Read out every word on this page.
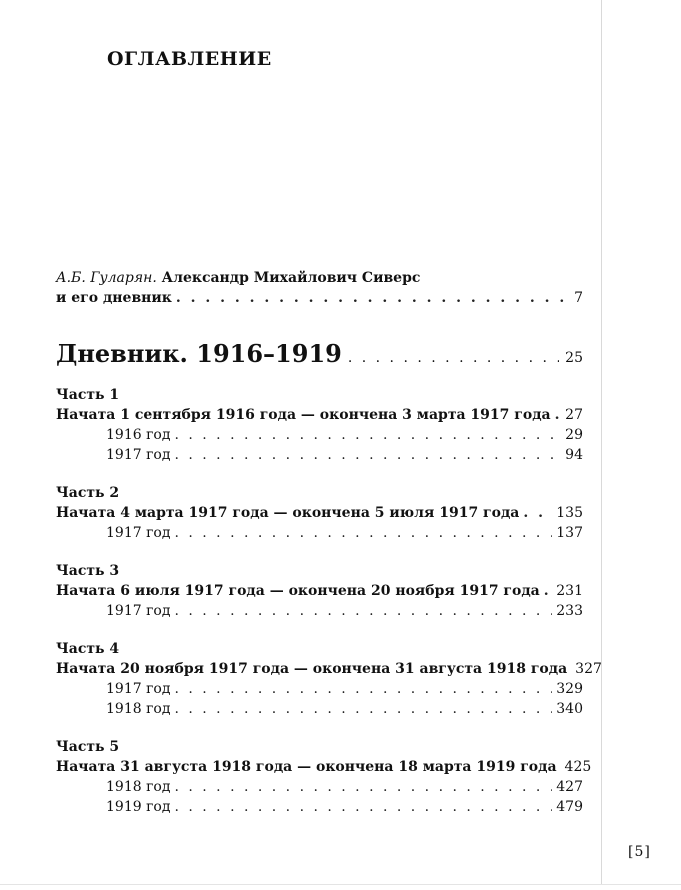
ОГЛАВЛЕНИЕ
А.Б. Гуларян. Александр Михайлович Сиверс
и его дневник . . .	7
Дневник. 1916–1919 . . .	25
Часть 1
Начата 1 сентября 1916 года — окончена 3 марта 1917 года . . . 27
1916 год . . .	29
1917 год . . .	94
Часть 2
Начата 4 марта 1917 года — окончена 5 июля 1917 года . . .	135
1917 год . . .	137
Часть 3
Начата 6 июля 1917 года — окончена 20 ноября 1917 года . . . 231
1917 год . . .	233
Часть 4
Начата 20 ноября 1917 года — окончена 31 августа 1918 года 327
1917 год . . .	329
1918 год . . .	340
Часть 5
Начата 31 августа 1918 года — окончена 18 марта 1919 года 425
1918 год . . .	427
1919 год . . .	479
[5]
